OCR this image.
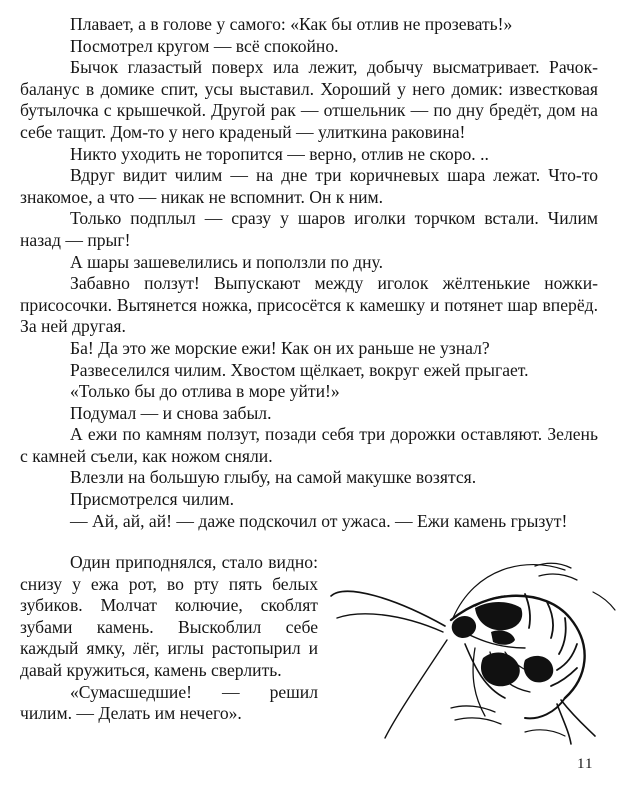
Плавает, а в голове у самого: «Как бы отлив не прозевать!»

Посмотрел кругом — всё спокойно.

Бычок глазастый поверх ила лежит, добычу высматривает. Рачок-баланус в домике спит, усы выставил. Хороший у него домик: известковая бутылочка с крышечкой. Другой рак — отшельник — по дну бредёт, дом на себе тащит. Дом-то у него краденый — улиткина раковина!

Никто уходить не торопится — верно, отлив не скоро. ..

Вдруг видит чилим — на дне три коричневых шара лежат. Что-то знакомое, а что — никак не вспомнит. Он к ним.

Только подплыл — сразу у шаров иголки торчком встали. Чилим назад — прыг!

А шары зашевелились и поползли по дну.

Забавно ползут! Выпускают между иголок жёлтенькие ножки-присосочки. Вытянется ножка, присосётся к камешку и потянет шар вперёд. За ней другая.

Ба! Да это же морские ежи! Как он их раньше не узнал?

Развеселился чилим. Хвостом щёлкает, вокруг ежей прыгает.

«Только бы до отлива в море уйти!»

Подумал — и снова забыл.

А ежи по камням ползут, позади себя три дорожки оставляют. Зелень с камней съели, как ножом сняли.

Влезли на большую глыбу, на самой макушке возятся.

Присмотрелся чилим.

— Ай, ай, ай! — даже подскочил от ужаса. — Ежи камень грызут!

Один приподнялся, стало видно: снизу у ежа рот, во рту пять белых зубиков. Молчат колючие, скоблят зубами камень. Выскоблил себе каждый ямку, лёг, иглы растопырил и давай кружиться, камень сверлить.

«Сумасшедшие! — решил чилим. — Делать им нечего».

11
